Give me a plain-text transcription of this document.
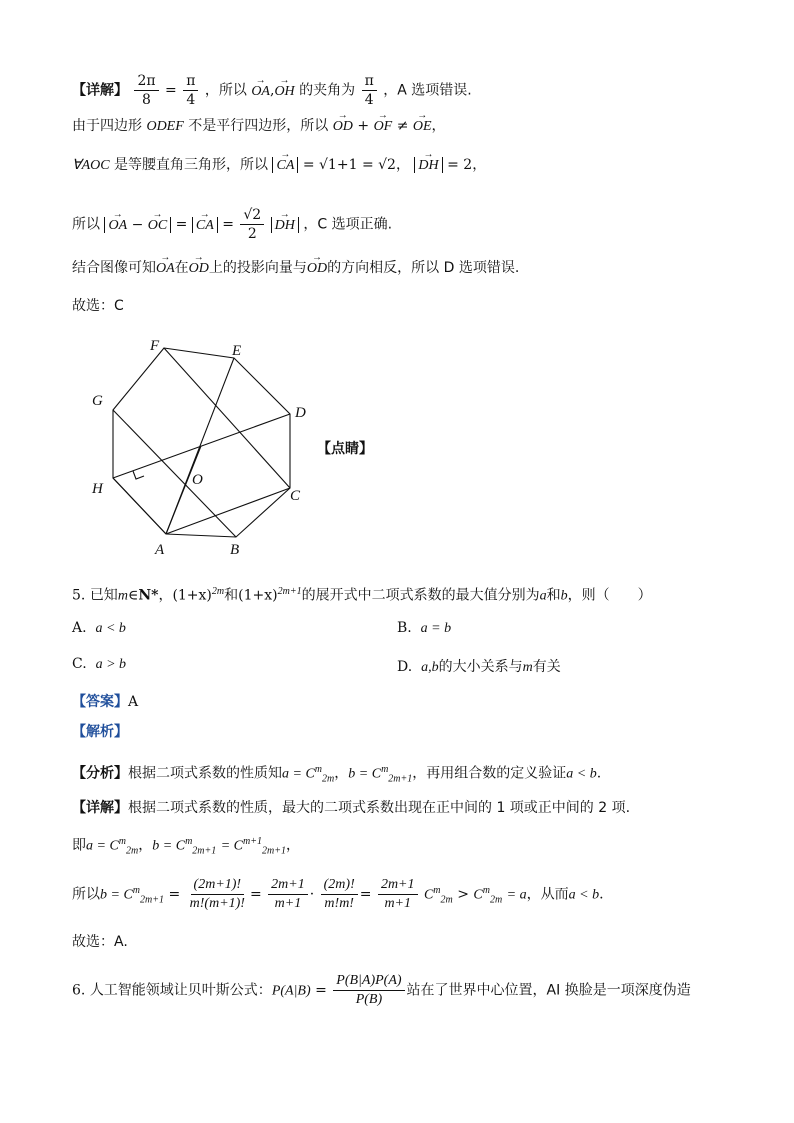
【详解】 $\frac{2\pi}{8} = \frac{\pi}{4}$ ，所以 → OA,→ OH 的夹角为 $\frac{\pi}{4}$ ，A 选项错误.
由于四边形 ODEF 不是平行四边形，所以 → OD + → OF ≠ → OE，
∀AOC 是等腰直角三角形，所以 → CA = √1+1 = √2， → DH = 2，
所以 → OA − → OC = → CA = $\frac{√2}{2}$ → DH ，C 选项正确.
结合图像可知→ OA在→ OD上的投影向量与→ OD的方向相反，所以 D 选项错误.
故选：C
F	E
G
D
H
O
C
A	B
【点睛】
5. 已知m∈N*，$(1+x)^{2m}$和$(1+x)^{2m+1}$的展开式中二项式系数的最大值分别为a和b，则（　　）
A. a < b	B. a = b
C. a > b	D. a,b的大小关系与m有关
【答案】A
【解析】
【分析】根据二项式系数的性质知$a = C^m_{2m}$，$b = C^m_{2m+1}$，再用组合数的定义验证a < b.
【详解】根据二项式系数的性质，最大的二项式系数出现在正中间的 1 项或正中间的 2 项.
即$a = C^m_{2m}$，$b = C^m_{2m+1} = C^{m+1}_{2m+1}$，
所以$b = C^m_{2m+1} = \frac{(2m+1)!}{m!(m+1)!} = \frac{2m+1}{m+1} \cdot \frac{(2m)!}{m!m!} = \frac{2m+1}{m+1} C^m_{2m} > C^m_{2m} = a$，从而a < b.
故选：A.
6. 人工智能领域让贝叶斯公式：$P(A|B) = \frac{P(B|A)P(A)}{P(B)}$ 站在了世界中心位置，AI 换脸是一项深度伪造
